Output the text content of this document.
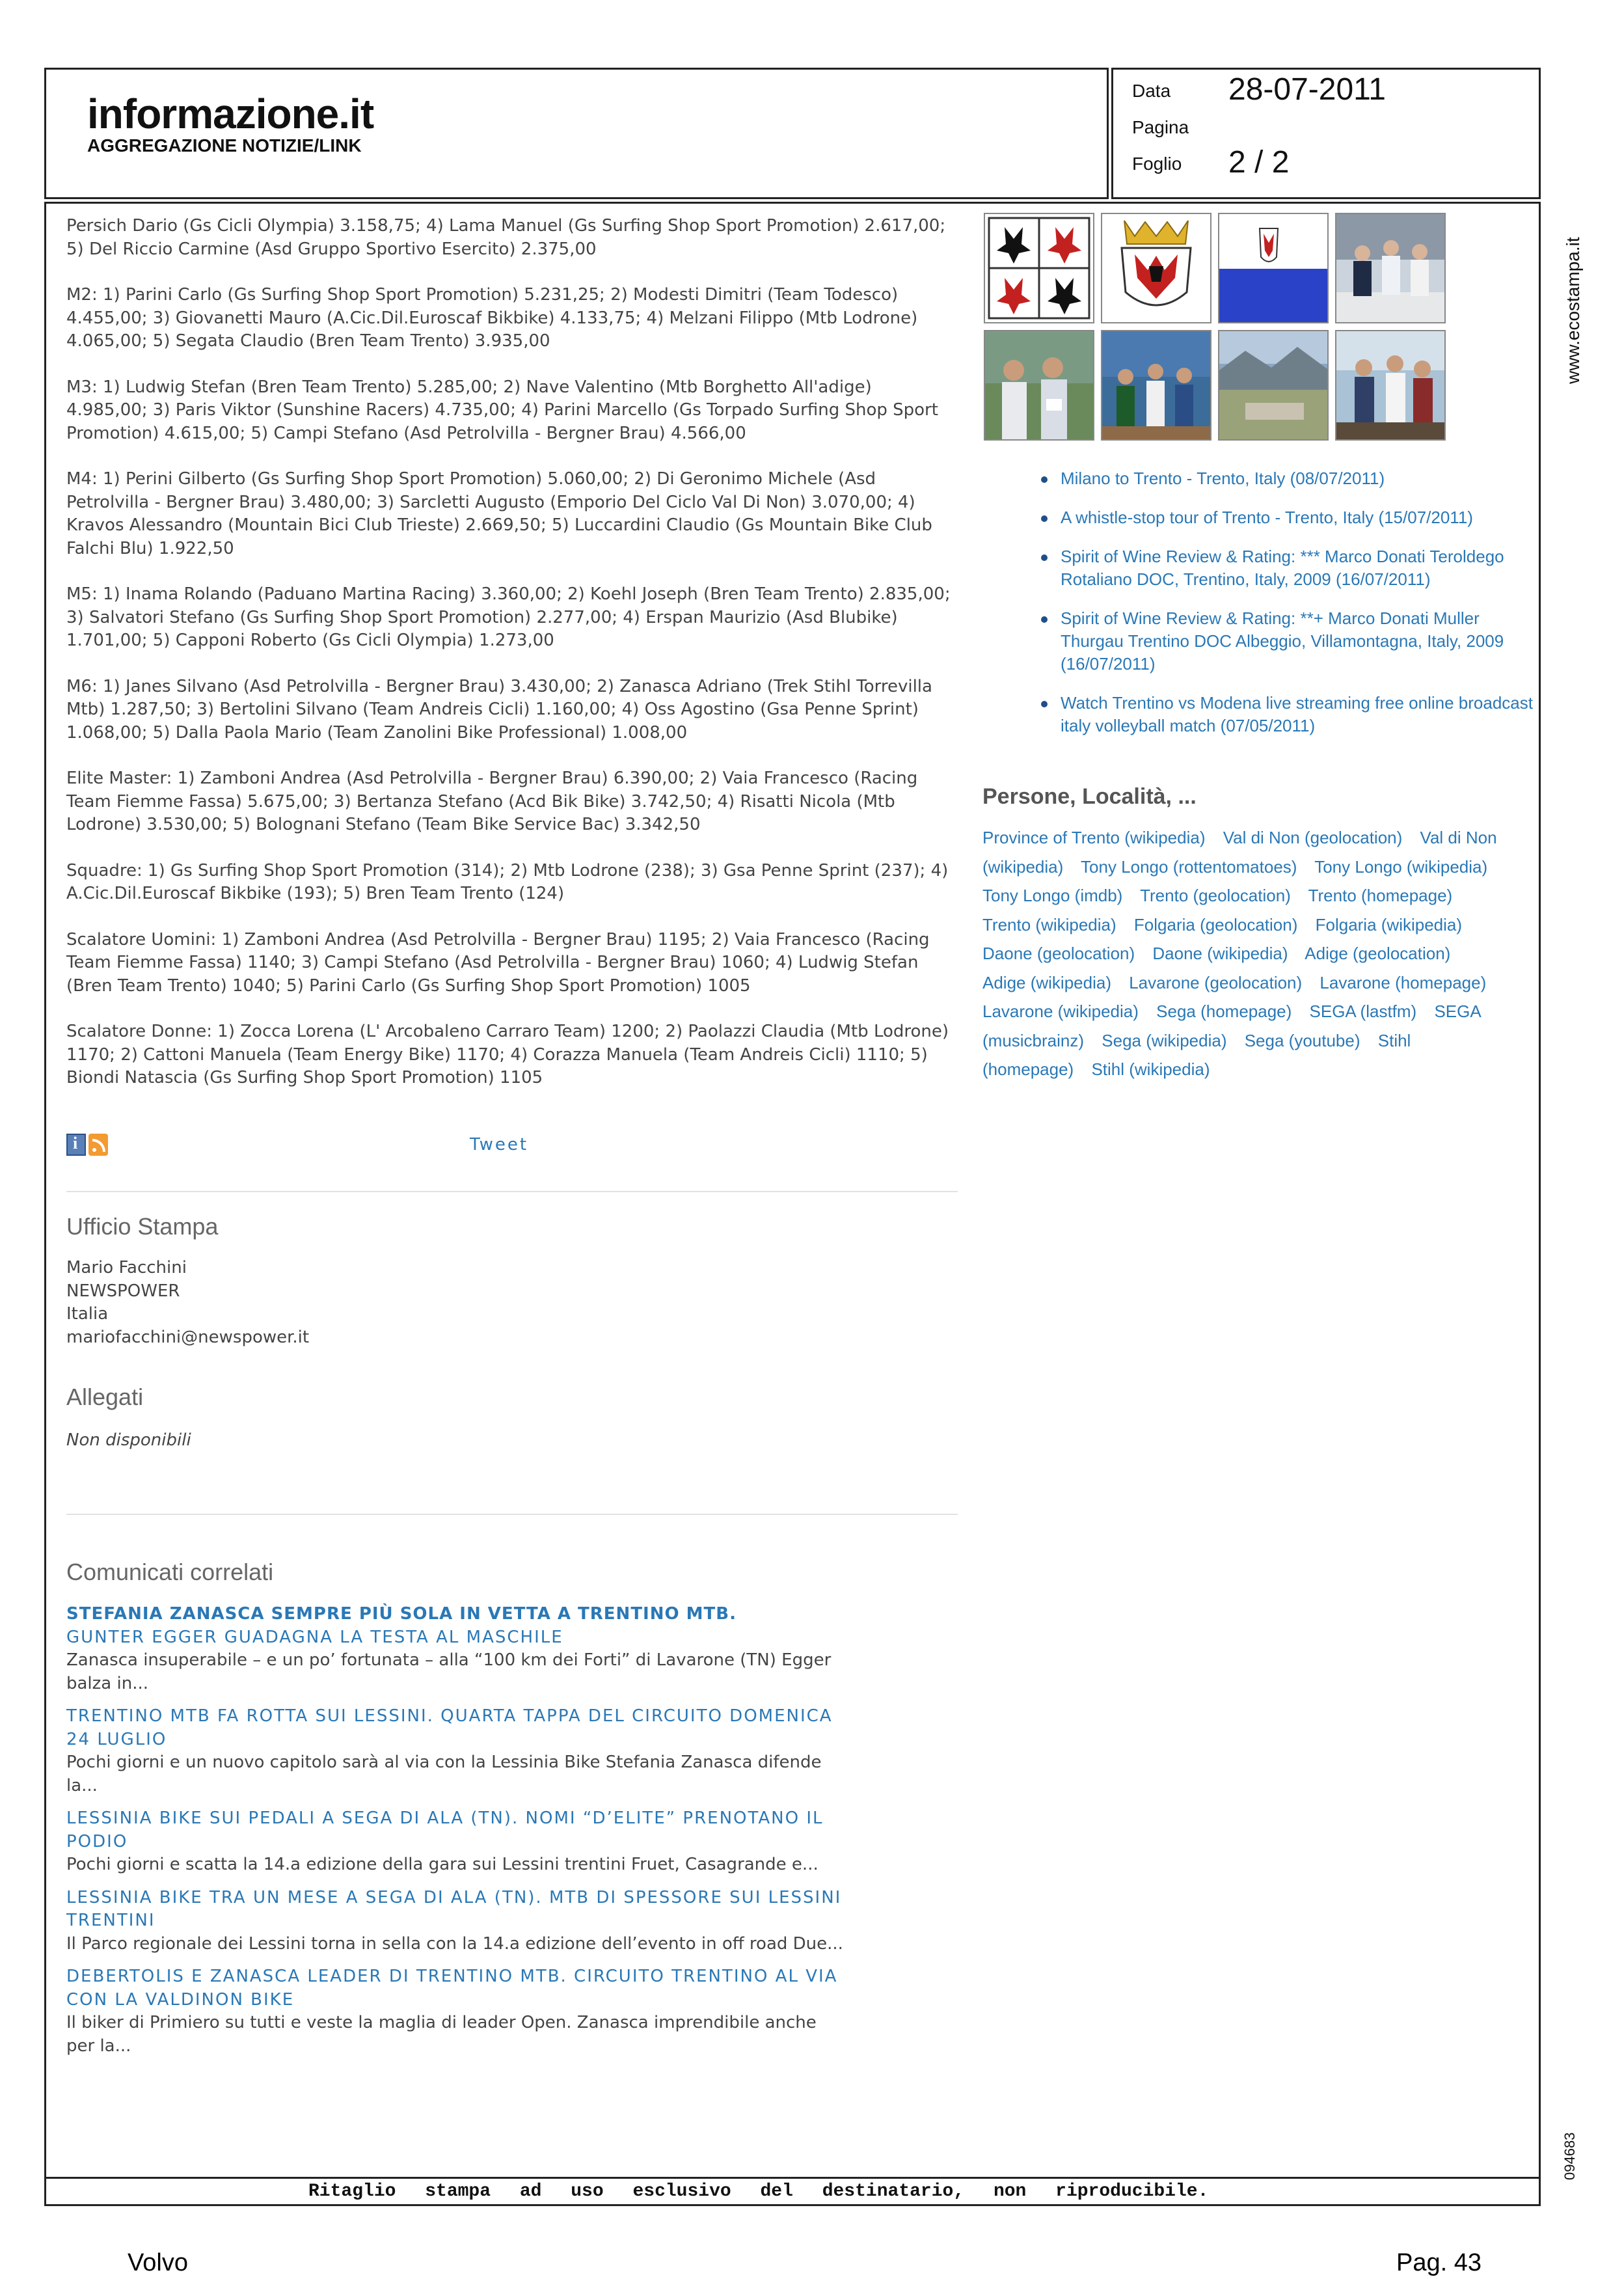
informazione.it
AGGREGAZIONE NOTIZIE/LINK
Data 28-07-2011
Pagina
Foglio 2 / 2
www.ecostampa.it
094683

Persich Dario (Gs Cicli Olympia) 3.158,75; 4) Lama Manuel (Gs Surfing Shop Sport Promotion) 2.617,00; 5) Del Riccio Carmine (Asd Gruppo Sportivo Esercito) 2.375,00

M2: 1) Parini Carlo (Gs Surfing Shop Sport Promotion) 5.231,25; 2) Modesti Dimitri (Team Todesco) 4.455,00; 3) Giovanetti Mauro (A.Cic.Dil.Euroscaf Bikbike) 4.133,75; 4) Melzani Filippo (Mtb Lodrone) 4.065,00; 5) Segata Claudio (Bren Team Trento) 3.935,00

M3: 1) Ludwig Stefan (Bren Team Trento) 5.285,00; 2) Nave Valentino (Mtb Borghetto All'adige) 4.985,00; 3) Paris Viktor (Sunshine Racers) 4.735,00; 4) Parini Marcello (Gs Torpado Surfing Shop Sport Promotion) 4.615,00; 5) Campi Stefano (Asd Petrolvilla - Bergner Brau) 4.566,00

M4: 1) Perini Gilberto (Gs Surfing Shop Sport Promotion) 5.060,00; 2) Di Geronimo Michele (Asd Petrolvilla - Bergner Brau) 3.480,00; 3) Sarcletti Augusto (Emporio Del Ciclo Val Di Non) 3.070,00; 4) Kravos Alessandro (Mountain Bici Club Trieste) 2.669,50; 5) Luccardini Claudio (Gs Mountain Bike Club Falchi Blu) 1.922,50

M5: 1) Inama Rolando (Paduano Martina Racing) 3.360,00; 2) Koehl Joseph (Bren Team Trento) 2.835,00; 3) Salvatori Stefano (Gs Surfing Shop Sport Promotion) 2.277,00; 4) Erspan Maurizio (Asd Blubike) 1.701,00; 5) Capponi Roberto (Gs Cicli Olympia) 1.273,00

M6: 1) Janes Silvano (Asd Petrolvilla - Bergner Brau) 3.430,00; 2) Zanasca Adriano (Trek Stihl Torrevilla Mtb) 1.287,50; 3) Bertolini Silvano (Team Andreis Cicli) 1.160,00; 4) Oss Agostino (Gsa Penne Sprint) 1.068,00; 5) Dalla Paola Mario (Team Zanolini Bike Professional) 1.008,00

Elite Master: 1) Zamboni Andrea (Asd Petrolvilla - Bergner Brau) 6.390,00; 2) Vaia Francesco (Racing Team Fiemme Fassa) 5.675,00; 3) Bertanza Stefano (Acd Bik Bike) 3.742,50; 4) Risatti Nicola (Mtb Lodrone) 3.530,00; 5) Bolognani Stefano (Team Bike Service Bac) 3.342,50

Squadre: 1) Gs Surfing Shop Sport Promotion (314); 2) Mtb Lodrone (238); 3) Gsa Penne Sprint (237); 4) A.Cic.Dil.Euroscaf Bikbike (193); 5) Bren Team Trento (124)

Scalatore Uomini: 1) Zamboni Andrea (Asd Petrolvilla - Bergner Brau) 1195; 2) Vaia Francesco (Racing Team Fiemme Fassa) 1140; 3) Campi Stefano (Asd Petrolvilla - Bergner Brau) 1060; 4) Ludwig Stefan (Bren Team Trento) 1040; 5) Parini Carlo (Gs Surfing Shop Sport Promotion) 1005

Scalatore Donne: 1) Zocca Lorena (L' Arcobaleno Carraro Team) 1200; 2) Paolazzi Claudia (Mtb Lodrone) 1170; 2) Cattoni Manuela (Team Energy Bike) 1170; 4) Corazza Manuela (Team Andreis Cicli) 1110; 5) Biondi Natascia (Gs Surfing Shop Sport Promotion) 1105

i
Tweet
Ufficio Stampa
Mario Facchini
NEWSPOWER
Italia
mariofacchini@newspower.it
Allegati
Non disponibili
Comunicati correlati
STEFANIA ZANASCA SEMPRE PIÙ SOLA IN VETTA A TRENTINO MTB.
GUNTER EGGER GUADAGNA LA TESTA AL MASCHILE
Zanasca insuperabile – e un po’ fortunata – alla “100 km dei Forti” di Lavarone (TN) Egger balza in...
TRENTINO MTB FA ROTTA SUI LESSINI. QUARTA TAPPA DEL CIRCUITO DOMENICA 24 LUGLIO
Pochi giorni e un nuovo capitolo sarà al via con la Lessinia Bike Stefania Zanasca difende la...
LESSINIA BIKE SUI PEDALI A SEGA DI ALA (TN). NOMI “D’ELITE” PRENOTANO IL PODIO
Pochi giorni e scatta la 14.a edizione della gara sui Lessini trentini Fruet, Casagrande e...
LESSINIA BIKE TRA UN MESE A SEGA DI ALA (TN). MTB DI SPESSORE SUI LESSINI TRENTINI
Il Parco regionale dei Lessini torna in sella con la 14.a edizione dell’evento in off road Due...
DEBERTOLIS E ZANASCA LEADER DI TRENTINO MTB. CIRCUITO TRENTINO AL VIA CON LA VALDINON BIKE
Il biker di Primiero su tutti e veste la maglia di leader Open. Zanasca imprendibile anche per la...
Milano to Trento - Trento, Italy (08/07/2011)
A whistle-stop tour of Trento - Trento, Italy (15/07/2011)
Spirit of Wine Review & Rating: *** Marco Donati Teroldego Rotaliano DOC, Trentino, Italy, 2009 (16/07/2011)
Spirit of Wine Review & Rating: **+ Marco Donati Muller Thurgau Trentino DOC Albeggio, Villamontagna, Italy, 2009 (16/07/2011)
Watch Trentino vs Modena live streaming free online broadcast italy volleyball match (07/05/2011)
Persone, Località, ...
Province of Trento (wikipedia) Val di Non (geolocation) Val di Non (wikipedia) Tony Longo (rottentomatoes) Tony Longo (wikipedia) Tony Longo (imdb) Trento (geolocation) Trento (homepage) Trento (wikipedia) Folgaria (geolocation) Folgaria (wikipedia) Daone (geolocation) Daone (wikipedia) Adige (geolocation) Adige (wikipedia) Lavarone (geolocation) Lavarone (homepage) Lavarone (wikipedia) Sega (homepage) SEGA (lastfm) SEGA (musicbrainz) Sega (wikipedia) Sega (youtube) Stihl (homepage) Stihl (wikipedia)
Ritaglio stampa ad uso esclusivo del destinatario, non riproducibile.
Volvo	Pag. 43
